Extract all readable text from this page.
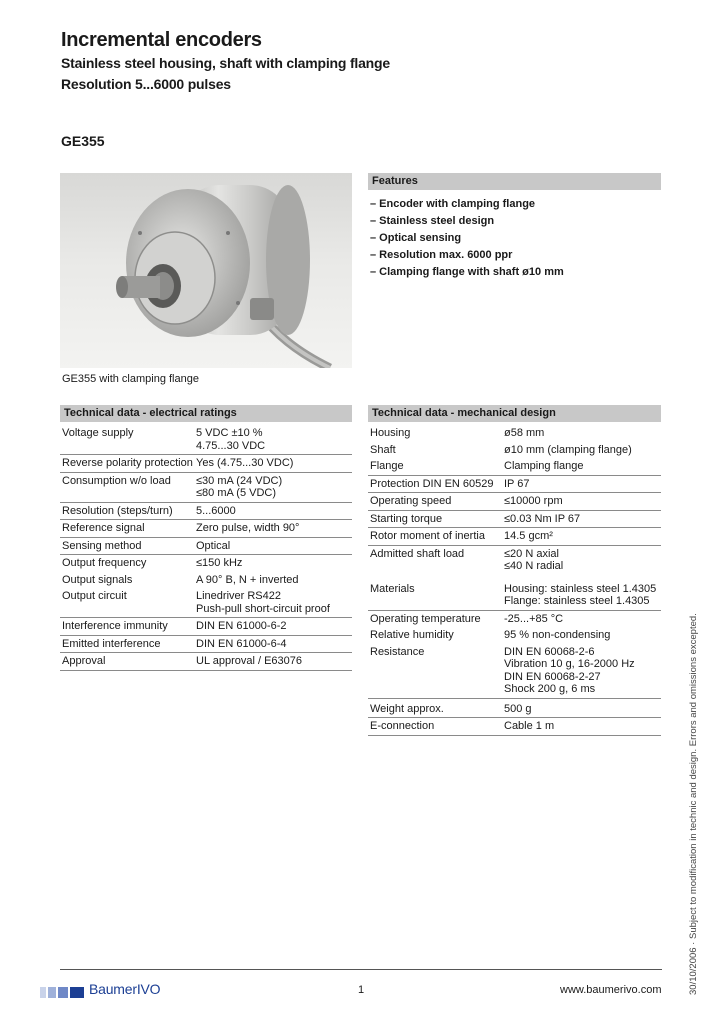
Incremental encoders
Stainless steel housing, shaft with clamping flange
Resolution 5...6000 pulses
GE355
GE355 with clamping flange
Features
– Encoder with clamping flange
– Stainless steel design
– Optical sensing
– Resolution max. 6000 ppr
– Clamping flange with shaft ø10 mm
Technical data - electrical ratings
Voltage supply	5 VDC ±10 %
4.75...30 VDC

Reverse polarity protection	Yes (4.75...30 VDC)
Consumption w/o load	≤30 mA (24 VDC)
≤80 mA (5 VDC)

Resolution (steps/turn)	5...6000
Reference signal	Zero pulse, width 90°
Sensing method	Optical
Output frequency	≤150 kHz
Output signals	A 90° B, N + inverted
Output circuit	Linedriver RS422
Push-pull short-circuit proof

Interference immunity	DIN EN 61000-6-2
Emitted interference	DIN EN 61000-6-4
Approval	UL approval / E63076
Technical data - mechanical design
Housing	ø58 mm
Shaft	ø10 mm (clamping flange)
Flange	Clamping flange
Protection DIN EN 60529	IP 67
Operating speed	≤10000 rpm
Starting torque	≤0.03 Nm IP 67
Rotor moment of inertia	14.5 gcm²
Admitted shaft load	≤20 N axial
≤40 N radial

Materials	Housing: stainless steel 1.4305
Flange: stainless steel 1.4305

Operating temperature	-25...+85 °C
Relative humidity	95 % non-condensing
Resistance	DIN EN 60068-2-6
Vibration 10 g, 16-2000 Hz
DIN EN 60068-2-27
Shock 200 g, 6 ms

Weight approx.	500 g
E-connection	Cable 1 m	30/10/2006 · Subject to modification in technic and design. Errors and omissions excepted.
BaumerIVO	1	www.baumerivo.com
